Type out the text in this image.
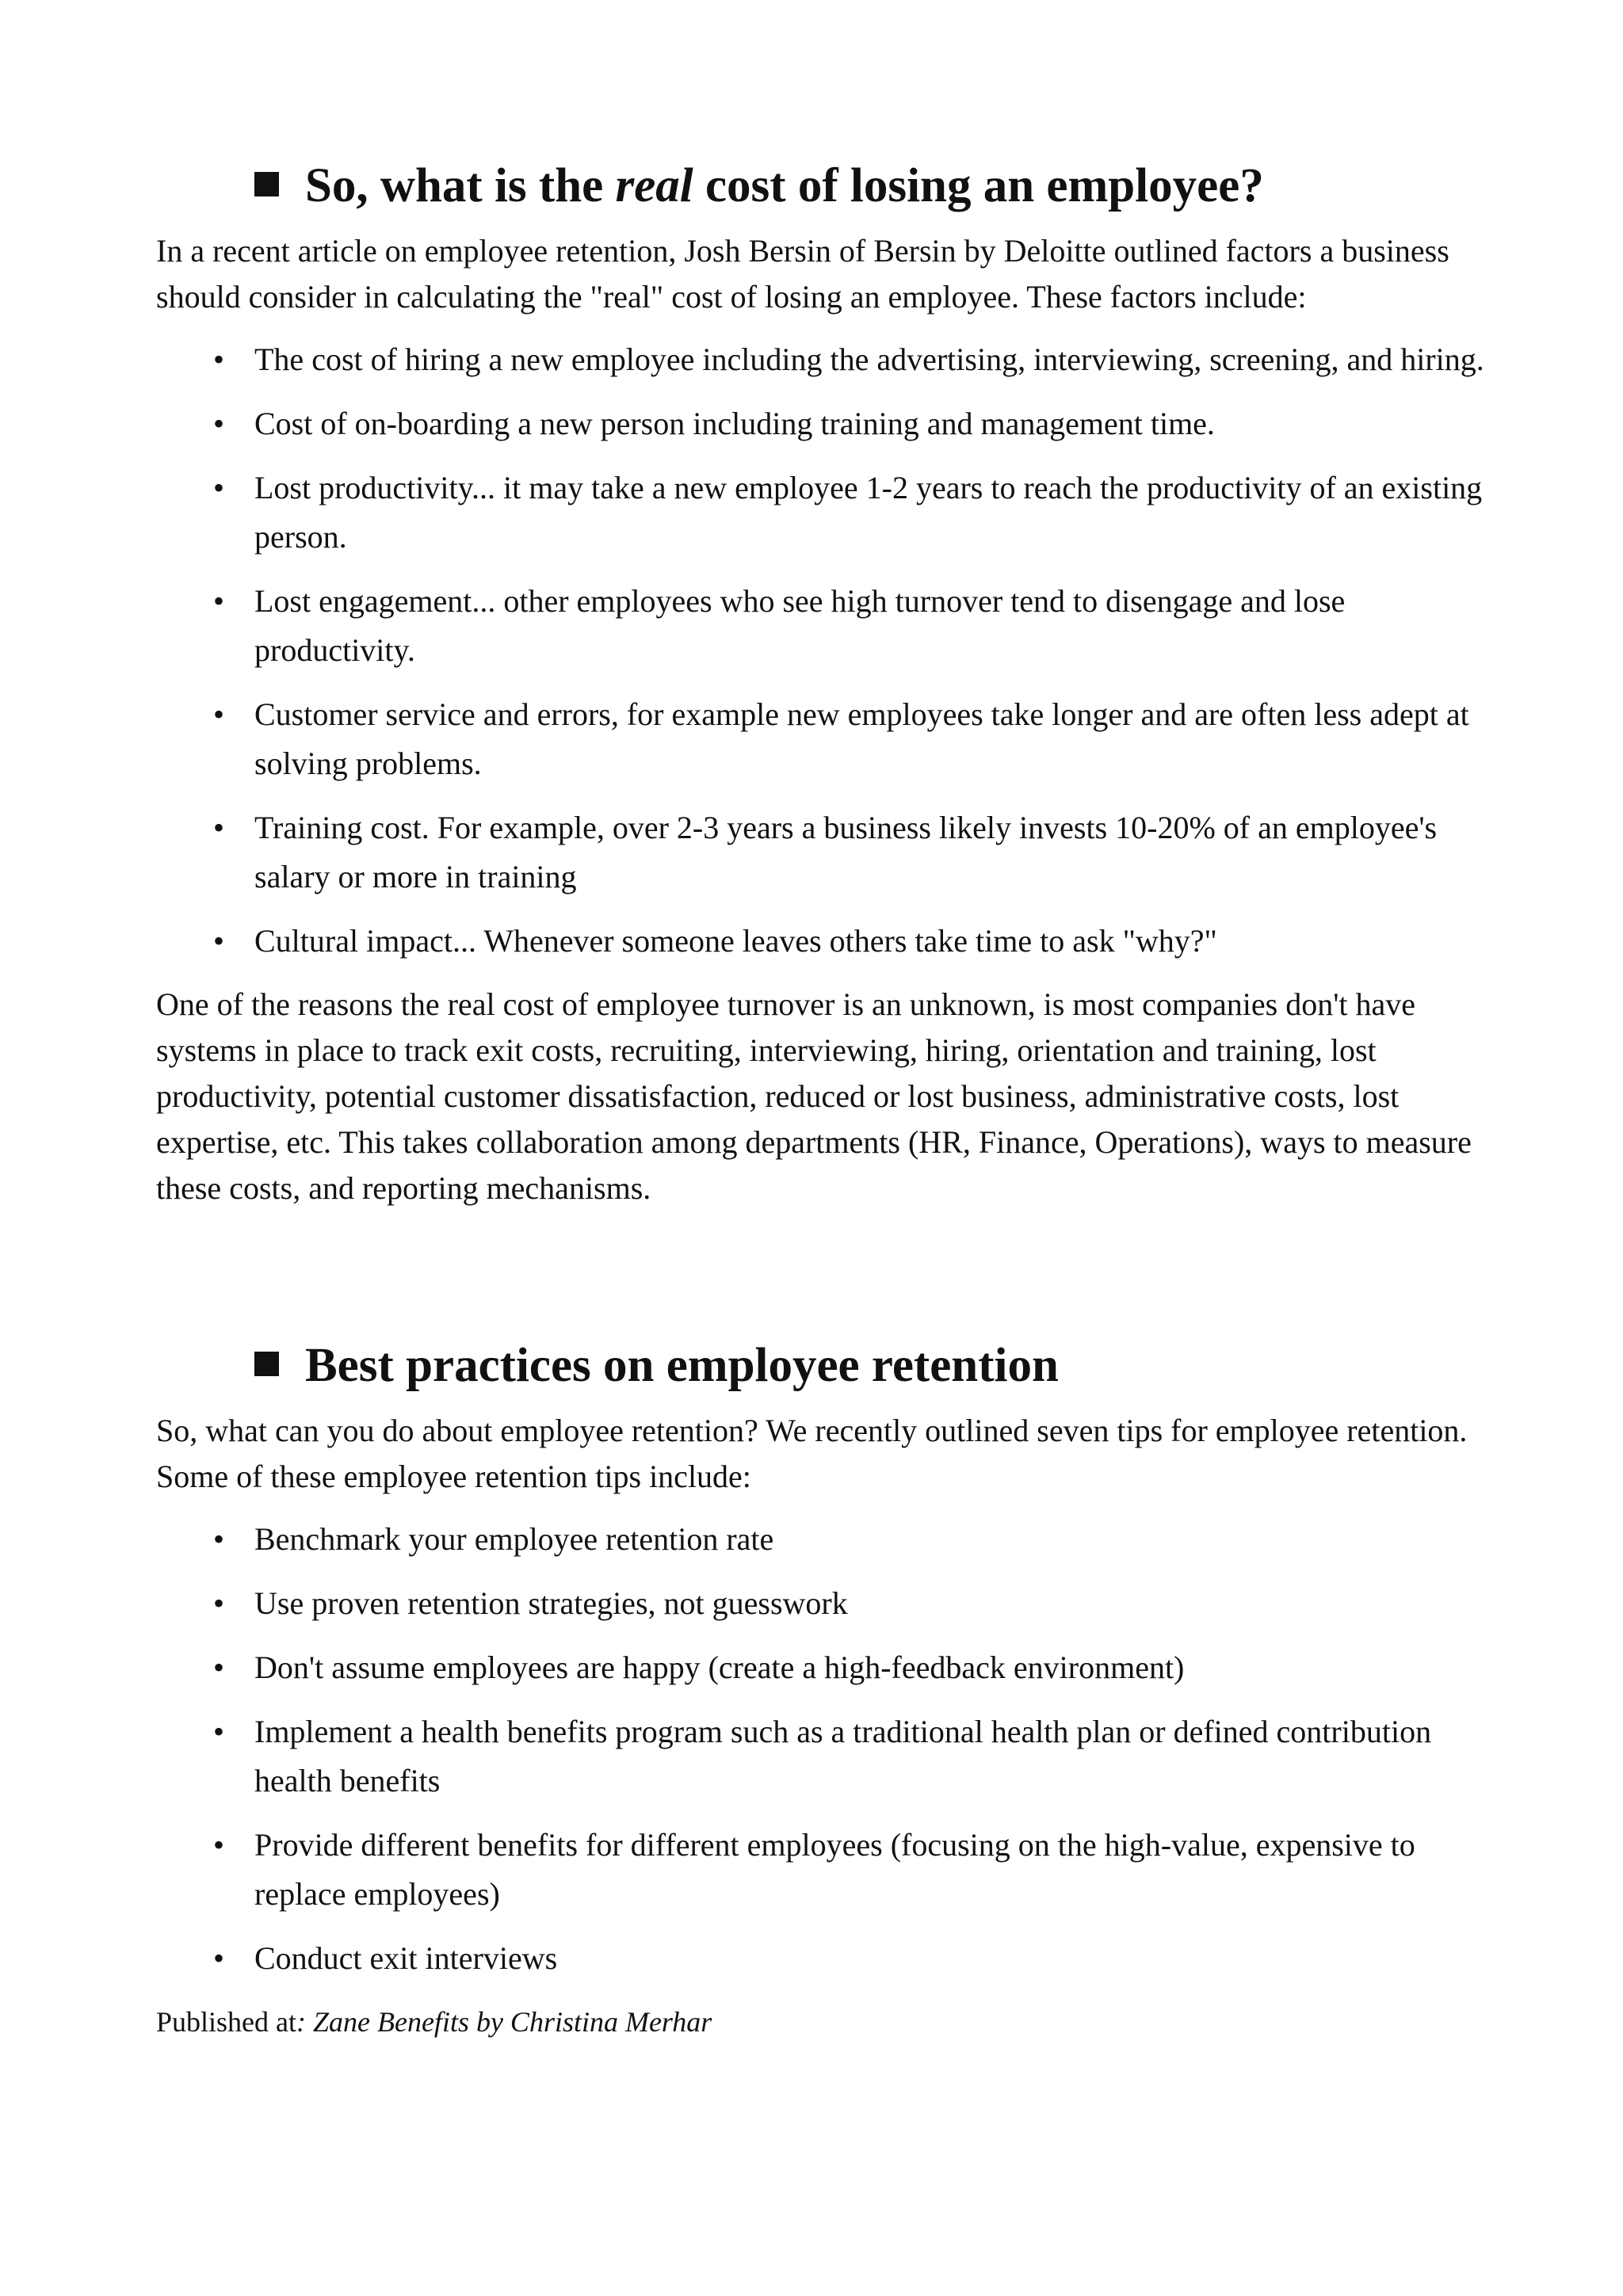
So, what is the real cost of losing an employee?

In a recent article on employee retention, Josh Bersin of Bersin by Deloitte outlined factors a business should consider in calculating the "real" cost of losing an employee. These factors include:

• The cost of hiring a new employee including the advertising, interviewing, screening, and hiring.
• Cost of on-boarding a new person including training and management time.
• Lost productivity... it may take a new employee 1-2 years to reach the productivity of an existing person.
• Lost engagement... other employees who see high turnover tend to disengage and lose productivity.
• Customer service and errors, for example new employees take longer and are often less adept at solving problems.
• Training cost. For example, over 2-3 years a business likely invests 10-20% of an employee's salary or more in training
• Cultural impact... Whenever someone leaves others take time to ask "why?"

One of the reasons the real cost of employee turnover is an unknown, is most companies don't have systems in place to track exit costs, recruiting, interviewing, hiring, orientation and training, lost productivity, potential customer dissatisfaction, reduced or lost business, administrative costs, lost expertise, etc. This takes collaboration among departments (HR, Finance, Operations), ways to measure these costs, and reporting mechanisms.

Best practices on employee retention

So, what can you do about employee retention? We recently outlined seven tips for employee retention. Some of these employee retention tips include:

• Benchmark your employee retention rate
• Use proven retention strategies, not guesswork
• Don't assume employees are happy (create a high-feedback environment)
• Implement a health benefits program such as a traditional health plan or defined contribution health benefits
• Provide different benefits for different employees (focusing on the high-value, expensive to replace employees)
• Conduct exit interviews

Published at: Zane Benefits by Christina Merhar
